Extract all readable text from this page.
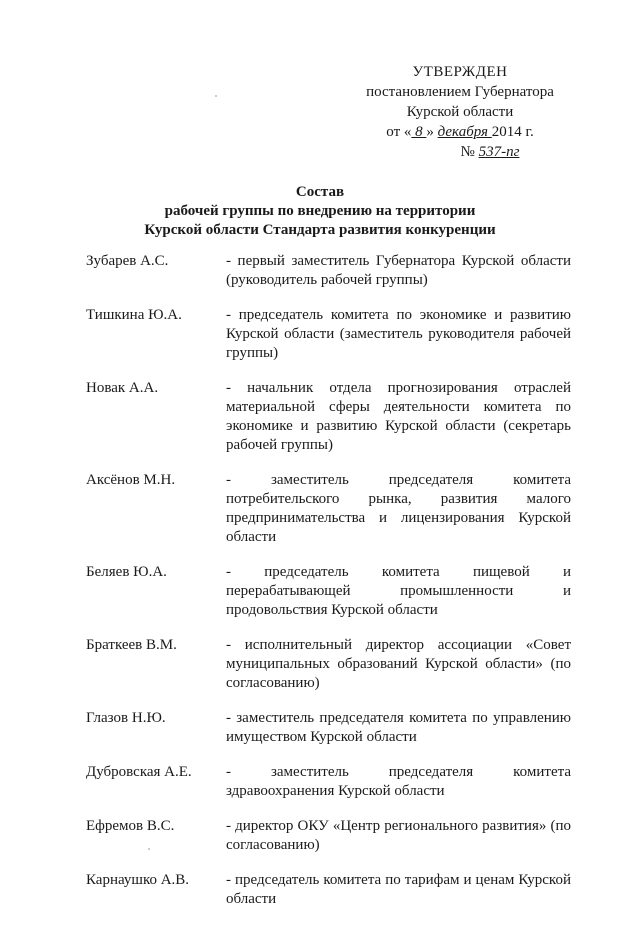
УТВЕРЖДЕН
постановлением Губернатора
Курской области
от « 8 » декабря 2014 г.
№ 537-пг
Состав
рабочей группы по внедрению на территории
Курской области Стандарта развития конкуренции
Зубарев А.С.	- первый заместитель Губернатора Курской области (руководитель рабочей группы)
Тишкина Ю.А.	- председатель комитета по экономике и развитию Курской области (заместитель руководителя рабочей группы)
Новак А.А.	- начальник отдела прогнозирования отраслей материальной сферы деятельности комитета по экономике и развитию Курской области (секретарь рабочей группы)
Аксёнов М.Н.	- заместитель председателя комитета потребительского рынка, развития малого предпринимательства и лицензирования Курской области
Беляев Ю.А.	- председатель комитета пищевой и перерабатывающей промышленности и продовольствия Курской области
Браткеев В.М.	- исполнительный директор ассоциации «Совет муниципальных образований Курской области» (по согласованию)
Глазов Н.Ю.	- заместитель председателя комитета по управлению имуществом Курской области
Дубровская А.Е.	- заместитель председателя комитета здравоохранения Курской области
Ефремов В.С.	- директор ОКУ «Центр регионального развития» (по согласованию)
Карнаушко А.В.	- председатель комитета по тарифам и ценам Курской области
